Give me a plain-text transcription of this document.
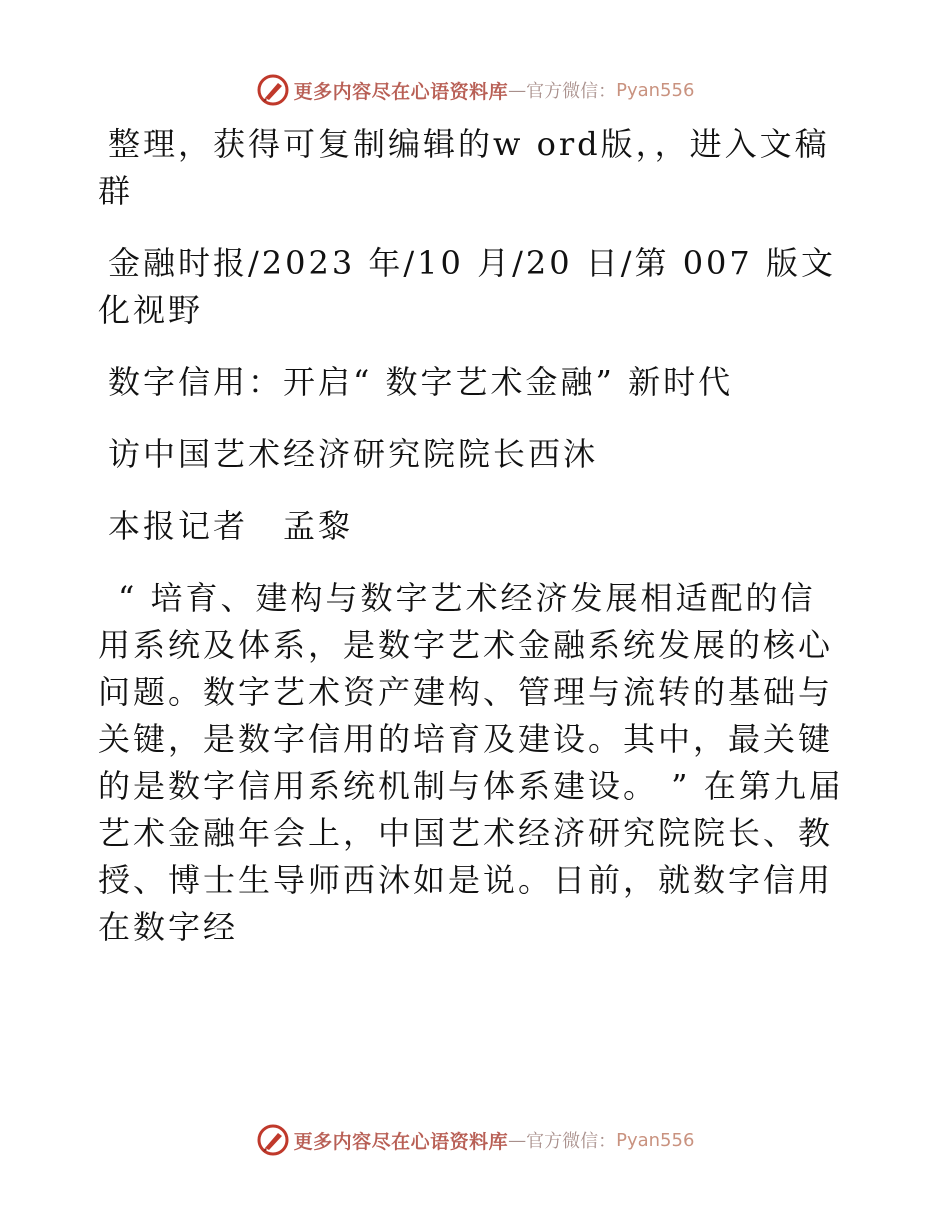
更多内容尽在心语资料库 — 官方微信： Pyan556

整理，获得可复制编辑的w ord版，，进入文稿群

金融时报/2023 年/10 月/20 日/第 007 版文化视野

数字信用：开启“ 数字艺术金融” 新时代

访中国艺术经济研究院院长西沐

本报记者　孟黎

“ 培育、建构与数字艺术经济发展相适配的信用系统及体系，是数字艺术金融系统发展的核心问题。数字艺术资产建构、管理与流转的基础与关键，是数字信用的培育及建设。其中，最关键的是数字信用系统机制与体系建设。 ” 在第九届艺术金融年会上，中国艺术经济研究院院长、教授、博士生导师西沐如是说。日前，就数字信用在数字经

更多内容尽在心语资料库 — 官方微信： Pyan556
